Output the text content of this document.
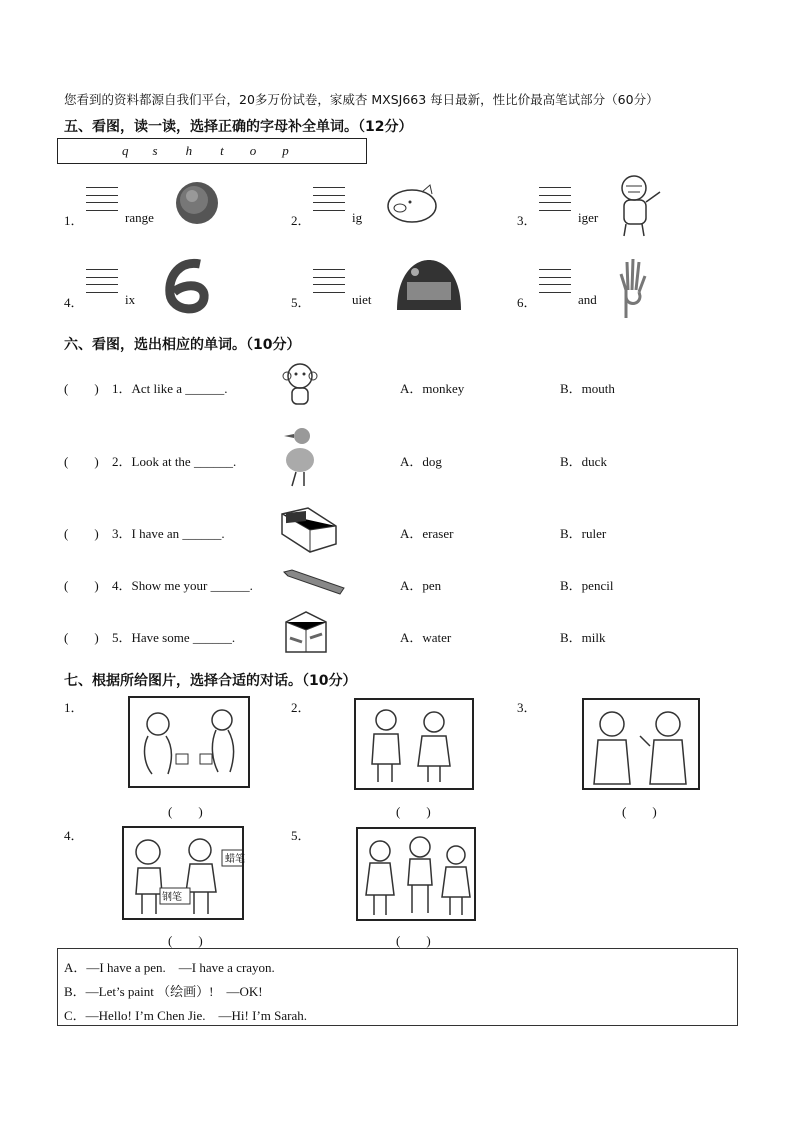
您看到的资料都源自我们平台，20多万份试卷，家威杏 MXSJ663 每日最新，性比价最高笔试部分（60分）
五、看图，读一读，选择正确的字母补全单词。（12分）
q s h t o p
1．	range	2．	ig	3．	iger
4．	ix	5．	uiet	6．	and
六、看图，选出相应的单词。（10分）
(　　) 1．Act like a ______.	A．monkey	B．mouth
(　　) 2．Look at the ______.	A．dog	B．duck
(　　) 3．I have an ______.	A．eraser	B．ruler
(　　) 4．Show me your ______.	A．pen	B．pencil
(　　) 5．Have some ______.	A．water	B．milk
七、根据所给图片，选择合适的对话。（10分）
1．
(　　)
2．
(　　)
3．
(　　)
4．
钢笔
蜡笔
(　　)
5．
(　　)
A．—I have a pen.　—I have a crayon.
B．—Let’s paint （绘画）!　—OK!
C．—Hello! I’m Chen Jie.　—Hi! I’m Sarah.
